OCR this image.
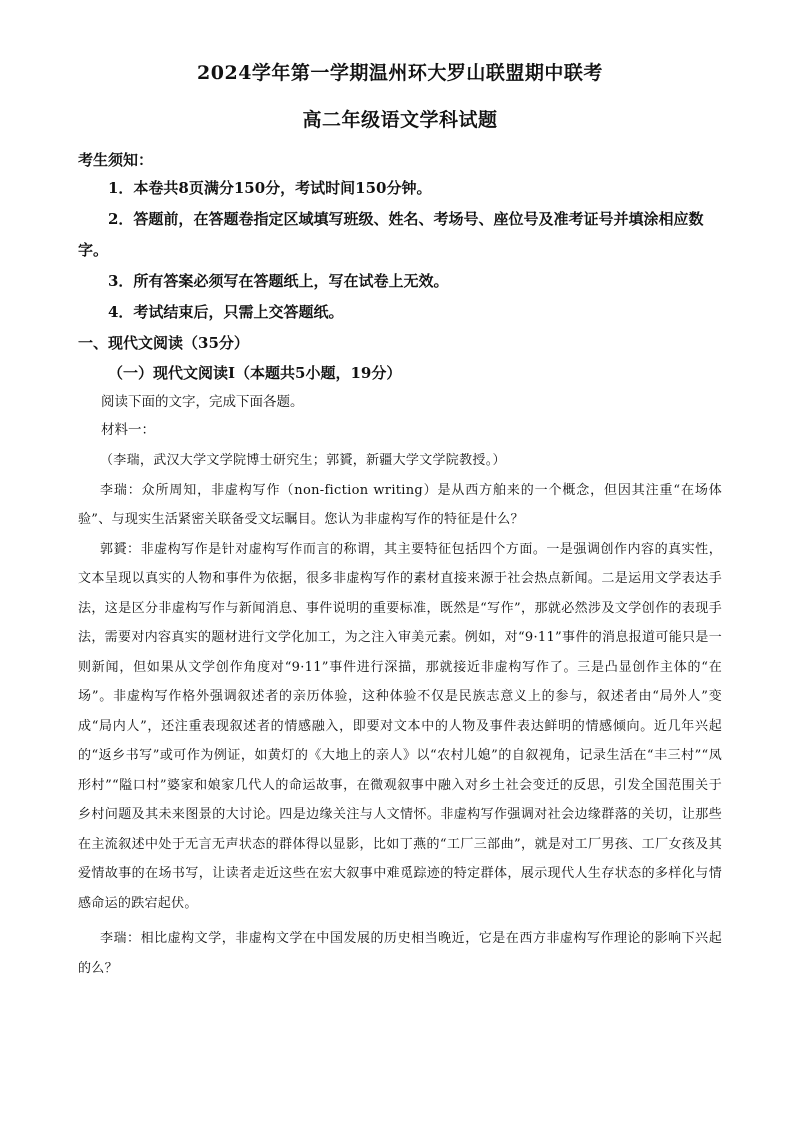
2024学年第一学期温州环大罗山联盟期中联考
高二年级语文学科试题
考生须知：

1．本卷共8页满分150分，考试时间150分钟。

2．答题前，在答题卷指定区域填写班级、姓名、考场号、座位号及准考证号并填涂相应数字。

3．所有答案必须写在答题纸上，写在试卷上无效。

4．考试结束后，只需上交答题纸。

一、现代文阅读（35分）
（一）现代文阅读Ⅰ（本题共5小题，19分）
阅读下面的文字，完成下面各题。
材料一：

（李瑞，武汉大学文学院博士研究生；郭贇，新疆大学文学院教授。）

李瑞：众所周知，非虚构写作（non-fiction writing）是从西方舶来的一个概念，但因其注重“在场体验”、与现实生活紧密关联备受文坛瞩目。您认为非虚构写作的特征是什么？

郭贇：非虚构写作是针对虚构写作而言的称谓，其主要特征包括四个方面。一是强调创作内容的真实性，文本呈现以真实的人物和事件为依据，很多非虚构写作的素材直接来源于社会热点新闻。二是运用文学表达手法，这是区分非虚构写作与新闻消息、事件说明的重要标准，既然是“写作”，那就必然涉及文学创作的表现手法，需要对内容真实的题材进行文学化加工，为之注入审美元素。例如，对“9·11”事件的消息报道可能只是一则新闻，但如果从文学创作角度对“9·11”事件进行深描，那就接近非虚构写作了。三是凸显创作主体的“在场”。非虚构写作格外强调叙述者的亲历体验，这种体验不仅是民族志意义上的参与，叙述者由“局外人”变成“局内人”，还注重表现叙述者的情感融入，即要对文本中的人物及事件表达鲜明的情感倾向。近几年兴起的“返乡书写”或可作为例证，如黄灯的《大地上的亲人》以“农村儿媳”的自叙视角，记录生活在“丰三村”“凤形村”“隘口村”婆家和娘家几代人的命运故事，在微观叙事中融入对乡土社会变迁的反思，引发全国范围关于乡村问题及其未来图景的大讨论。四是边缘关注与人文情怀。非虚构写作强调对社会边缘群落的关切，让那些在主流叙述中处于无言无声状态的群体得以显影，比如丁燕的“工厂三部曲”，就是对工厂男孩、工厂女孩及其爱情故事的在场书写，让读者走近这些在宏大叙事中难觅踪迹的特定群体，展示现代人生存状态的多样化与情感命运的跌宕起伏。

李瑞：相比虚构文学，非虚构文学在中国发展的历史相当晚近，它是在西方非虚构写作理论的影响下兴起的么？
